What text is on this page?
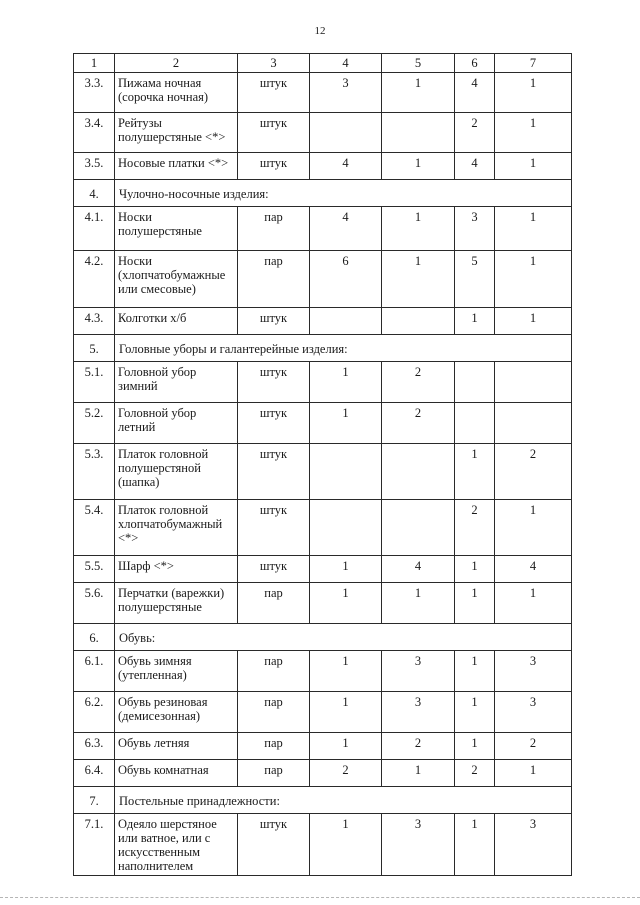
12
1	2	3	4	5	6	7
3.3.	Пижама ночная (сорочка ночная)	штук	3	1	4	1
3.4.	Рейтузы полушерстяные <*>	штук			2	1
3.5.	Носовые платки <*>	штук	4	1	4	1
4.	Чулочно-носочные изделия:					
4.1.	Носки полушерстяные	пар	4	1	3	1
4.2.	Носки (хлопчатобумажные или смесовые)	пар	6	1	5	1
4.3.	Колготки х/б	штук			1	1
5.	Головные уборы и галантерейные изделия:					
5.1.	Головной убор зимний	штук	1	2		
5.2.	Головной убор летний	штук	1	2		
5.3.	Платок головной полушерстяной (шапка)	штук			1	2
5.4.	Платок головной хлопчатобумажный <*>	штук			2	1
5.5.	Шарф <*>	штук	1	4	1	4
5.6.	Перчатки (варежки) полушерстяные	пар	1	1	1	1
6.	Обувь:					
6.1.	Обувь зимняя (утепленная)	пар	1	3	1	3
6.2.	Обувь резиновая (демисезонная)	пар	1	3	1	3
6.3.	Обувь летняя	пар	1	2	1	2
6.4.	Обувь комнатная	пар	2	1	2	1
7.	Постельные принадлежности:					
7.1.	Одеяло шерстяное или ватное, или с искусственным наполнителем	штук	1	3	1	3
